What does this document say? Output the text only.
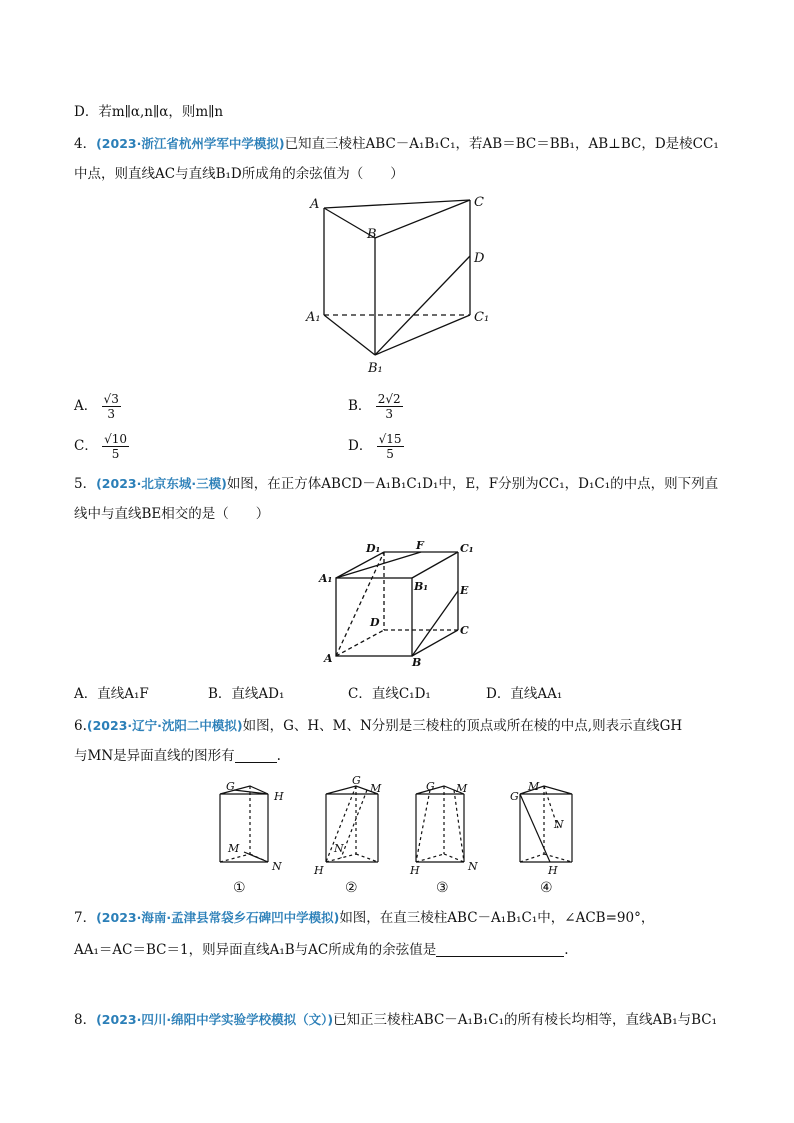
D．若m∥α,n∥α，则m∥n
4．(2023·浙江省杭州学军中学模拟)已知直三棱柱ABC－A₁B₁C₁，若AB＝BC＝BB₁，AB⊥BC，D是棱CC₁
中点，则直线AC与直线B₁D所成角的余弦值为（　　）
A
B
C
D
A₁	C₁
B₁
A． $\frac{√3}{3}$	B． $\frac{2√2}{3}$
C． $\frac{√10}{5}$	D． $\frac{√15}{5}$
5．(2023·北京东城·三模)如图，在正方体ABCD－A₁B₁C₁D₁中，E，F分别为CC₁，D₁C₁的中点，则下列直
线中与直线BE相交的是（　　）
D₁	F	C₁
A₁
B₁	E
D
C
A	B
A．直线A₁F	B．直线AD₁	C．直线C₁D₁	D．直线AA₁
6.(2023·辽宁·沈阳二中模拟)如图，G、H、M、N分别是三棱柱的顶点或所在棱的中点,则表示直线GH
与MN是异面直线的图形有	.
G
H
M
N
G
M
N
H
G M
H	N
G
M
N
H
①	②	③	④
7．(2023·海南·孟津县常袋乡石碑凹中学模拟)如图，在直三棱柱ABC－A₁B₁C₁中，∠ACB=90°，
AA₁＝AC＝BC＝1，则异面直线A₁B与AC所成角的余弦值是	.
8．(2023·四川·绵阳中学实验学校模拟（文）)已知正三棱柱ABC－A₁B₁C₁的所有棱长均相等，直线AB₁与BC₁
